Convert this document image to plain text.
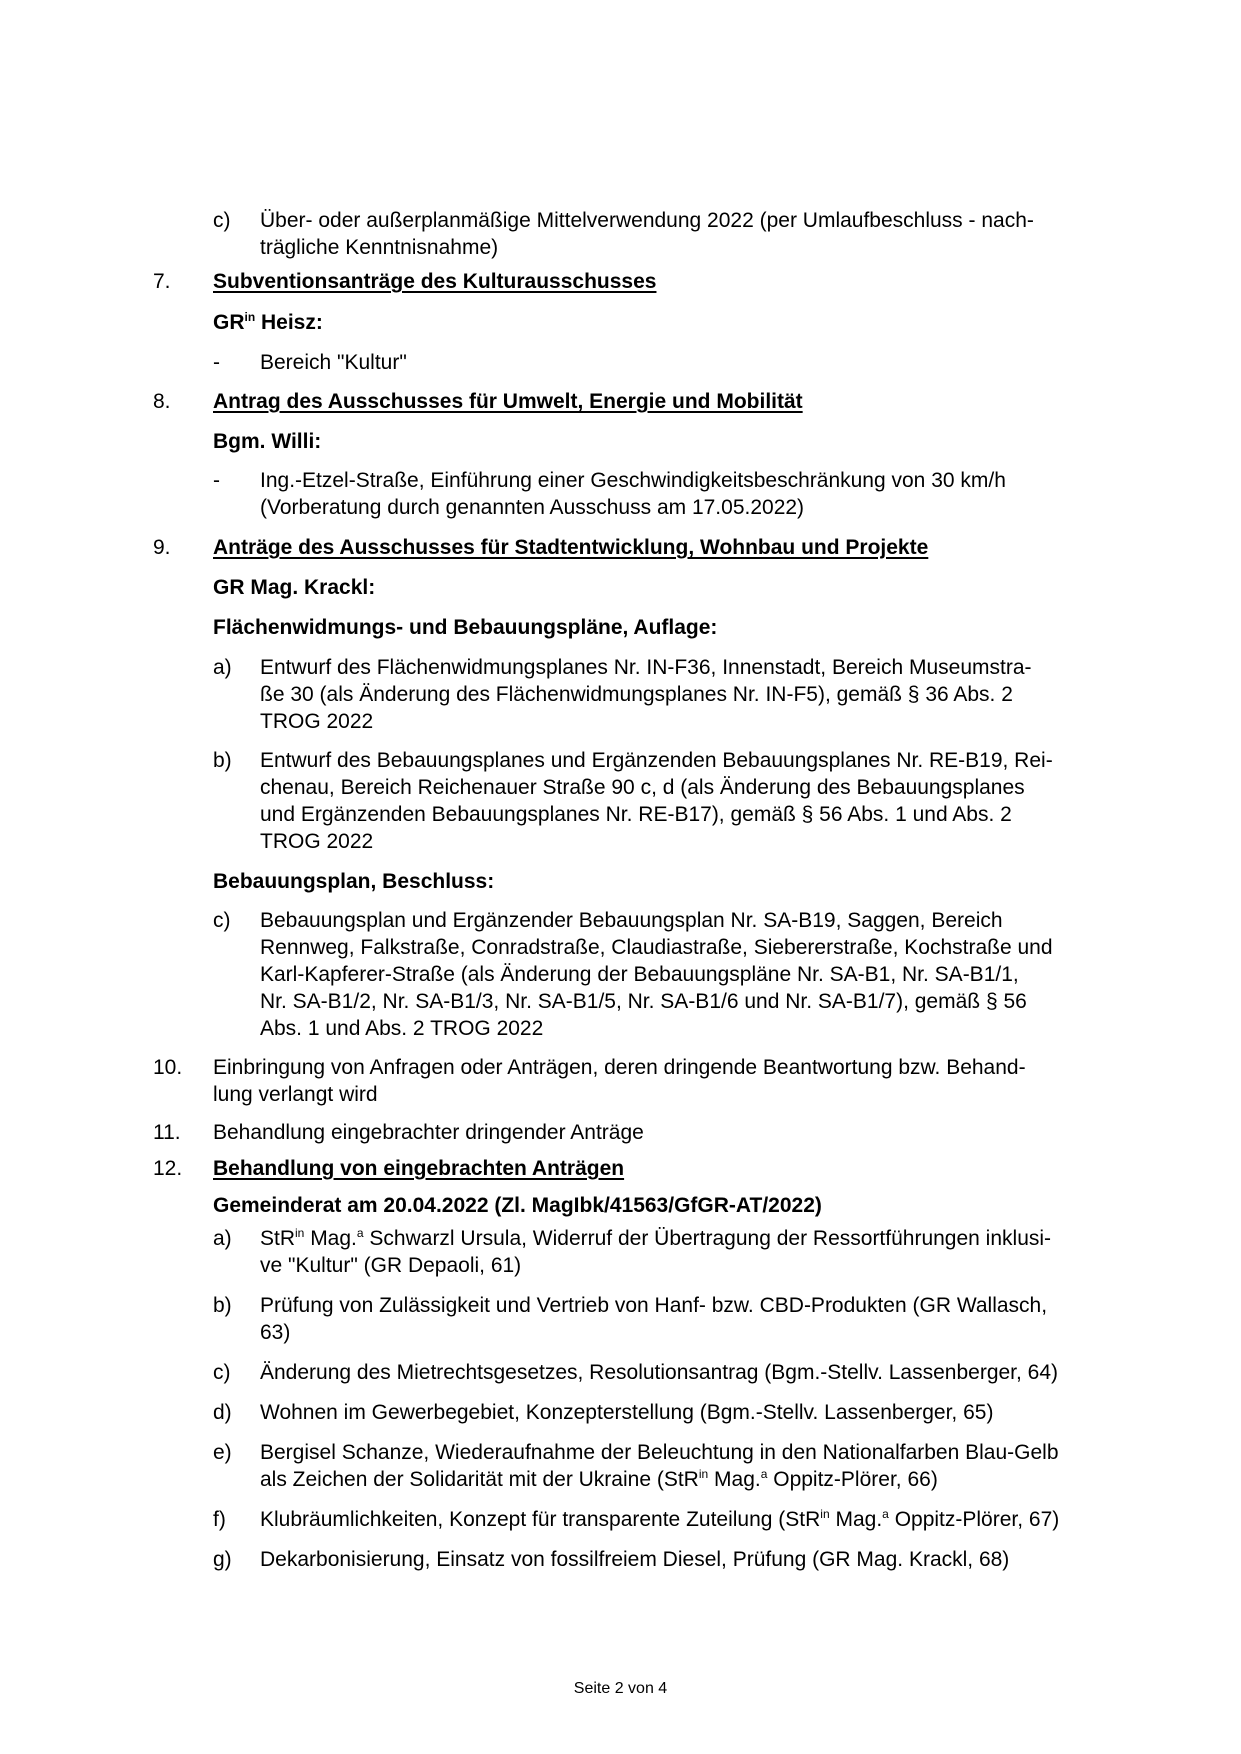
c)	Über- oder außerplanmäßige Mittelverwendung 2022 (per Umlaufbeschluss - nach-
trägliche Kenntnisnahme)
7. Subventionsanträge des Kulturausschusses
$GR^{in}$ Heisz:
-	Bereich "Kultur"
8. Antrag des Ausschusses für Umwelt, Energie und Mobilität
Bgm. Willi:
-	Ing.-Etzel-Straße, Einführung einer Geschwindigkeitsbeschränkung von 30 km/h
(Vorberatung durch genannten Ausschuss am 17.05.2022)
9. Anträge des Ausschusses für Stadtentwicklung, Wohnbau und Projekte
GR Mag. Krackl:
Flächenwidmungs- und Bebauungspläne, Auflage:
a)	Entwurf des Flächenwidmungsplanes Nr. IN-F36, Innenstadt, Bereich Museumstra-
ße 30 (als Änderung des Flächenwidmungsplanes Nr. IN-F5), gemäß § 36 Abs. 2
TROG 2022
b)	Entwurf des Bebauungsplanes und Ergänzenden Bebauungsplanes Nr. RE-B19, Rei-
chenau, Bereich Reichenauer Straße 90 c, d (als Änderung des Bebauungsplanes
und Ergänzenden Bebauungsplanes Nr. RE-B17), gemäß § 56 Abs. 1 und Abs. 2
TROG 2022
Bebauungsplan, Beschluss:
c)	Bebauungsplan und Ergänzender Bebauungsplan Nr. SA-B19, Saggen, Bereich
Rennweg, Falkstraße, Conradstraße, Claudiastraße, Siebererstraße, Kochstraße und
Karl-Kapferer-Straße (als Änderung der Bebauungspläne Nr. SA-B1, Nr. SA-B1/1,
Nr. SA-B1/2, Nr. SA-B1/3, Nr. SA-B1/5, Nr. SA-B1/6 und Nr. SA-B1/7), gemäß § 56
Abs. 1 und Abs. 2 TROG 2022
10. Einbringung von Anfragen oder Anträgen, deren dringende Beantwortung bzw. Behand-
lung verlangt wird
11. Behandlung eingebrachter dringender Anträge
12. Behandlung von eingebrachten Anträgen
Gemeinderat am 20.04.2022 (Zl. MagIbk/41563/GfGR-AT/2022)
a)	StR$^{in}$ Mag.$^a$ Schwarzl Ursula, Widerruf der Übertragung der Ressortführungen inklusi-
ve "Kultur" (GR Depaoli, 61)
b)	Prüfung von Zulässigkeit und Vertrieb von Hanf- bzw. CBD-Produkten (GR Wallasch,
63)
c)	Änderung des Mietrechtsgesetzes, Resolutionsantrag (Bgm.-Stellv. Lassenberger, 64)
d)	Wohnen im Gewerbegebiet, Konzepterstellung (Bgm.-Stellv. Lassenberger, 65)
e)	Bergisel Schanze, Wiederaufnahme der Beleuchtung in den Nationalfarben Blau-Gelb
als Zeichen der Solidarität mit der Ukraine (StR$^{in}$ Mag.$^a$ Oppitz-Plörer, 66)
f)	Klubräumlichkeiten, Konzept für transparente Zuteilung (StR$^{in}$ Mag.$^a$ Oppitz-Plörer, 67)
g)	Dekarbonisierung, Einsatz von fossilfreiem Diesel, Prüfung (GR Mag. Krackl, 68)
Seite 2 von 4
